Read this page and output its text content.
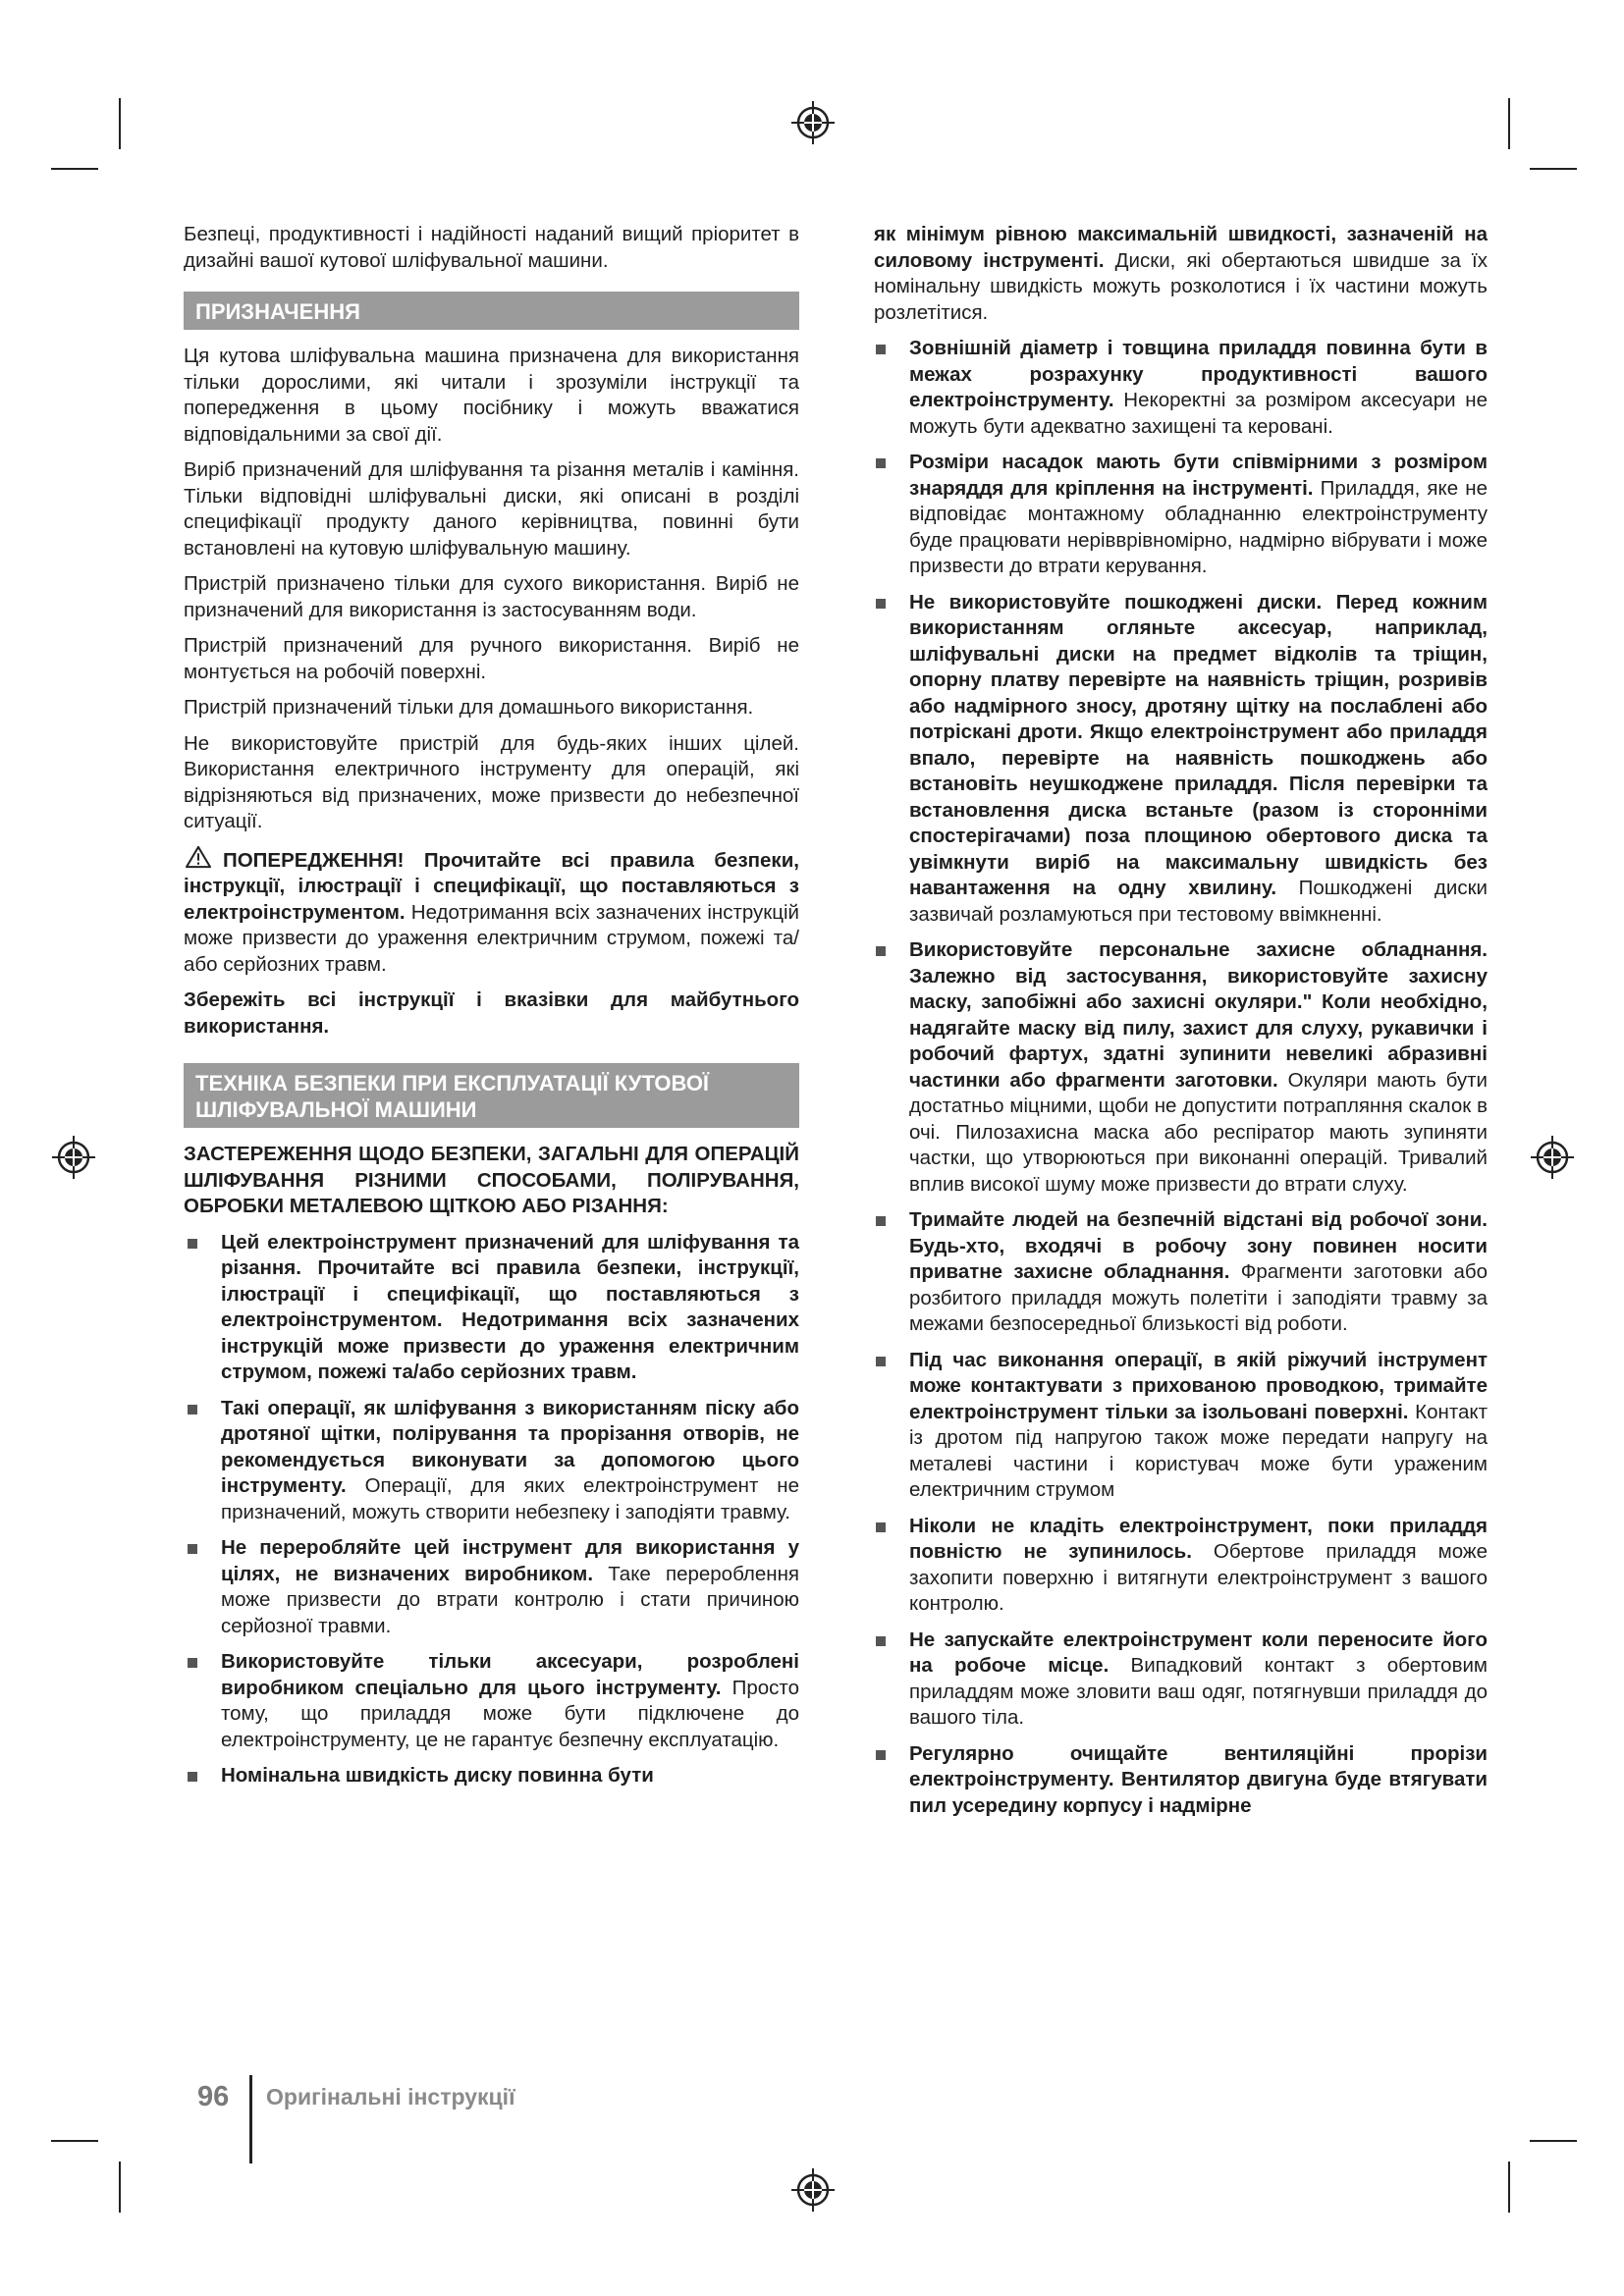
Безпеці, продуктивності і надійності наданий вищий пріоритет в дизайні вашої кутової шліфувальної машини.

ПРИЗНАЧЕННЯ

Ця кутова шліфувальна машина призначена для використання тільки дорослими, які читали і зрозуміли інструкції та попередження в цьому посібнику і можуть вважатися відповідальними за свої дії.

Виріб призначений для шліфування та різання металів і каміння. Тільки відповідні шліфувальні диски, які описані в розділі специфікації продукту даного керівництва, повинні бути встановлені на кутовую шліфувальную машину.

Пристрій призначено тільки для сухого використання. Виріб не призначений для використання із застосуванням води.

Пристрій призначений для ручного використання. Виріб не монтується на робочій поверхні.

Пристрій призначений тільки для домашнього використання.

Не використовуйте пристрій для будь-яких інших цілей. Використання електричного інструменту для операцій, які відрізняються від призначених, може призвести до небезпечної ситуації.

ПОПЕРЕДЖЕННЯ! Прочитайте всі правила безпеки, інструкції, ілюстрації і специфікації, що поставляються з електроінструментом. Недотримання всіх зазначених інструкцій може призвести до ураження електричним струмом, пожежі та/або серйозних травм.

Збережіть всі інструкції і вказівки для майбутнього використання.

ТЕХНІКА БЕЗПЕКИ ПРИ ЕКСПЛУАТАЦІЇ КУТОВОЇ ШЛІФУВАЛЬНОЇ МАШИНИ

ЗАСТЕРЕЖЕННЯ ЩОДО БЕЗПЕКИ, ЗАГАЛЬНІ ДЛЯ ОПЕРАЦІЙ ШЛІФУВАННЯ РІЗНИМИ СПОСОБАМИ, ПОЛІРУВАННЯ, ОБРОБКИ МЕТАЛЕВОЮ ЩІТКОЮ АБО РІЗАННЯ:

Цей електроінструмент призначений для шліфування та різання. Прочитайте всі правила безпеки, інструкції, ілюстрації і специфікації, що поставляються з електроінструментом. Недотримання всіх зазначених інструкцій може призвести до ураження електричним струмом, пожежі та/або серйозних травм.
Такі операції, як шліфування з використанням піску або дротяної щітки, полірування та прорізання отворів, не рекомендується виконувати за допомогою цього інструменту. Операції, для яких електроінструмент не призначений, можуть створити небезпеку і заподіяти травму.
Не переробляйте цей інструмент для використання у цілях, не визначених виробником. Таке перероблення може призвести до втрати контролю і стати причиною серйозної травми.
Використовуйте тільки аксесуари, розроблені виробником спеціально для цього інструменту. Просто тому, що приладдя може бути підключене до електроінструменту, це не гарантує безпечну експлуатацію.
Номінальна швидкість диску повинна бути

як мінімум рівною максимальній швидкості, зазначеній на силовому інструменті. Диски, які обертаються швидше за їх номінальну швидкість можуть розколотися і їх частини можуть розлетітися.

Зовнішній діаметр і товщина приладдя повинна бути в межах розрахунку продуктивності вашого електроінструменту. Некоректні за розміром аксесуари не можуть бути адекватно захищені та керовані.
Розміри насадок мають бути співмірними з розміром знаряддя для кріплення на інструменті. Приладдя, яке не відповідає монтажному обладнанню електроінструменту буде працювати нерівврівномірно, надмірно вібрувати і може призвести до втрати керування.
Не використовуйте пошкоджені диски. Перед кожним використанням огляньте аксесуар, наприклад, шліфувальні диски на предмет відколів та тріщин, опорну платву перевірте на наявність тріщин, розривів або надмірного зносу, дротяну щітку на послаблені або потріскані дроти. Якщо електроінструмент або приладдя впало, перевірте на наявність пошкоджень або встановіть неушкоджене приладдя. Після перевірки та встановлення диска встаньте (разом із сторонніми спостерігачами) поза площиною обертового диска та увімкнути виріб на максимальну швидкість без навантаження на одну хвилину. Пошкоджені диски зазвичай розламуються при тестовому ввімкненні.
Використовуйте персональне захисне обладнання. Залежно від застосування, використовуйте захисну маску, запобіжні або захисні окуляри." Коли необхідно, надягайте маску від пилу, захист для слуху, рукавички і робочий фартух, здатні зупинити невеликі абразивні частинки або фрагменти заготовки. Окуляри мають бути достатньо міцними, щоби не допустити потрапляння скалок в очі. Пилозахисна маска або респіратор мають зупиняти частки, що утворюються при виконанні операцій. Тривалий вплив високої шуму може призвести до втрати слуху.
Тримайте людей на безпечній відстані від робочої зони. Будь-хто, входячі в робочу зону повинен носити приватне захисне обладнання. Фрагменти заготовки або розбитого приладдя можуть полетіти і заподіяти травму за межами безпосередньої близькості від роботи.
Під час виконання операції, в якій ріжучий інструмент може контактувати з прихованою проводкою, тримайте електроінструмент тільки за ізольовані поверхні. Контакт із дротом під напругою також може передати напругу на металеві частини і користувач може бути ураженим електричним струмом
Ніколи не кладіть електроінструмент, поки приладдя повністю не зупинилось. Обертове приладдя може захопити поверхню і витягнути електроінструмент з вашого контролю.
Не запускайте електроінструмент коли переносите його на робоче місце. Випадковий контакт з обертовим приладдям може зловити ваш одяг, потягнувши приладдя до вашого тіла.
Регулярно очищайте вентиляційні прорізи електроінструменту. Вентилятор двигуна буде втягувати пил усередину корпусу і надмірне
96	Оригінальні інструкції
